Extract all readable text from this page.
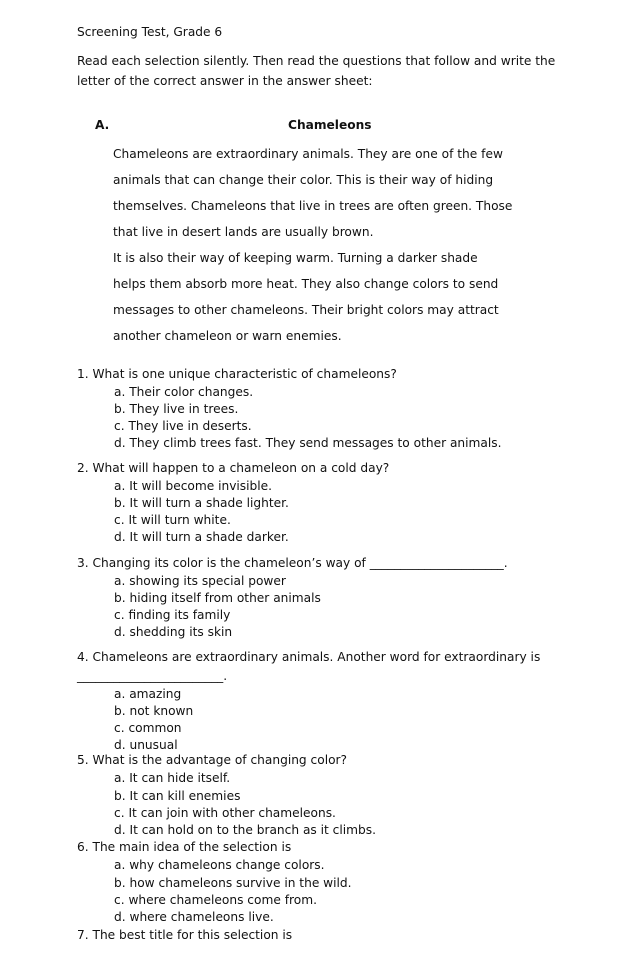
Screening Test, Grade 6
Read each selection silently. Then read the questions that follow and write the
letter of the correct answer in the answer sheet:
A.	Chameleons
Chameleons are extraordinary animals. They are one of the few
animals that can change their color. This is their way of hiding
themselves. Chameleons that live in trees are often green. Those
that live in desert lands are usually brown.
It is also their way of keeping warm. Turning a darker shade
helps them absorb more heat. They also change colors to send
messages to other chameleons. Their bright colors may attract
another chameleon or warn enemies.
1. What is one unique characteristic of chameleons?
a. Their color changes.
b. They live in trees.
c. They live in deserts.
d. They climb trees fast. They send messages to other animals.
2. What will happen to a chameleon on a cold day?
a. It will become invisible.
b. It will turn a shade lighter.
c. It will turn white.
d. It will turn a shade darker.
3. Changing its color is the chameleon’s way of ______________________.
a. showing its special power
b. hiding itself from other animals
c. finding its family
d. shedding its skin
4. Chameleons are extraordinary animals. Another word for extraordinary is
________________________.
a. amazing
b. not known
c. common
d. unusual
5. What is the advantage of changing color?
a. It can hide itself.
b. It can kill enemies
c. It can join with other chameleons.
d. It can hold on to the branch as it climbs.
6. The main idea of the selection is
a. why chameleons change colors.
b. how chameleons survive in the wild.
c. where chameleons come from.
d. where chameleons live.
7. The best title for this selection is
